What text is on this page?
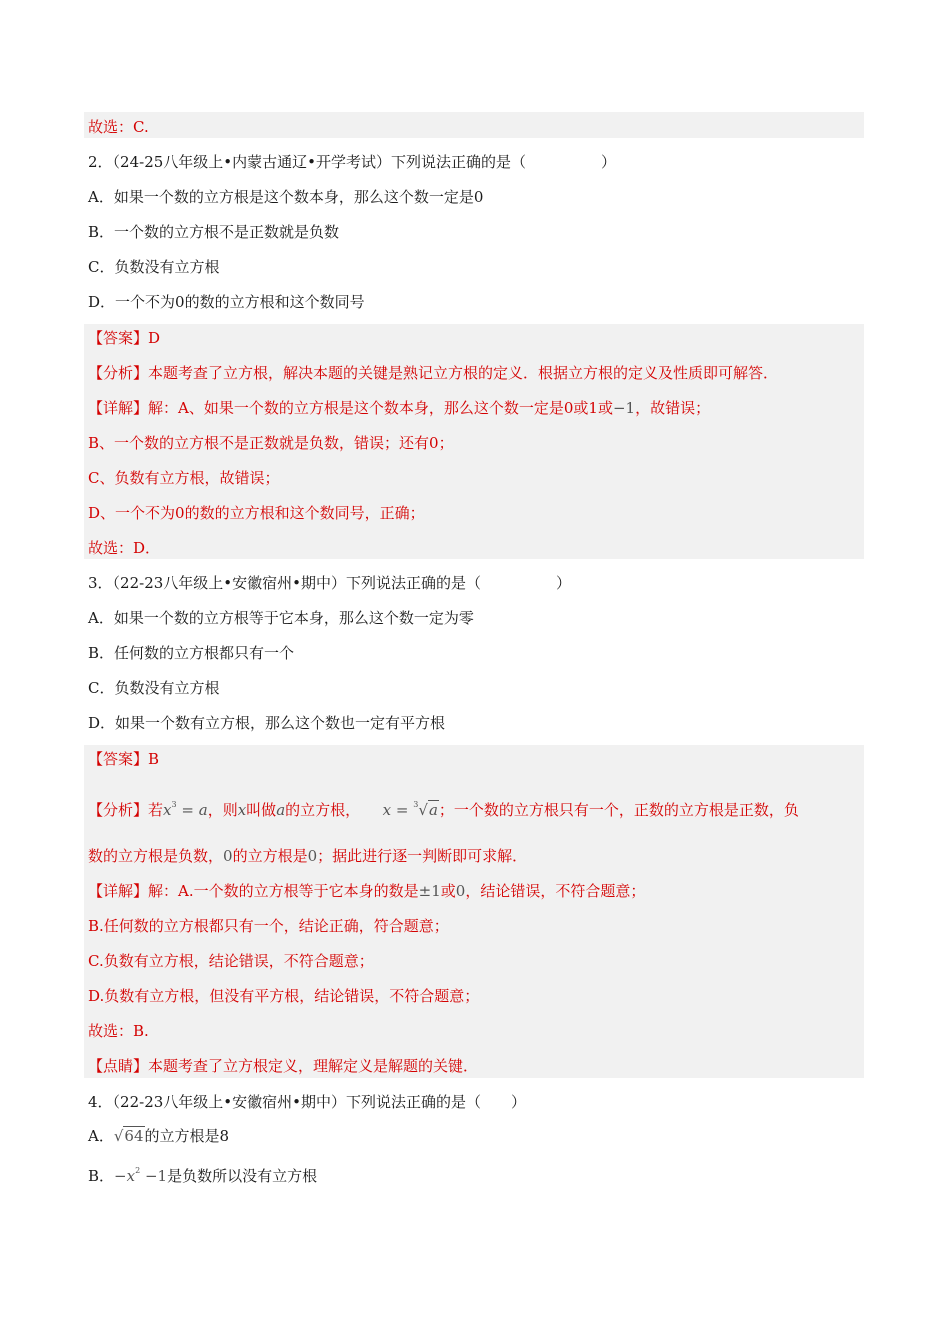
故选：C.
2．（24-25八年级上•内蒙古通辽•开学考试）下列说法正确的是（　　　　　）
A．如果一个数的立方根是这个数本身，那么这个数一定是0
B．一个数的立方根不是正数就是负数
C．负数没有立方根
D．一个不为0的数的立方根和这个数同号
【答案】D
【分析】本题考查了立方根，解决本题的关键是熟记立方根的定义．根据立方根的定义及性质即可解答．
【详解】解：A、如果一个数的立方根是这个数本身，那么这个数一定是0或1或−1，故错误；
B、一个数的立方根不是正数就是负数，错误；还有0；
C、负数有立方根，故错误；
D、一个不为0的数的立方根和这个数同号，正确；
故选：D．
3．（22-23八年级上•安徽宿州•期中）下列说法正确的是（　　　　　）
A．如果一个数的立方根等于它本身，那么这个数一定为零
B．任何数的立方根都只有一个
C．负数没有立方根
D．如果一个数有立方根，那么这个数也一定有平方根
【答案】B
【分析】若$x^3 = a$，则x叫做a的立方根，　　 x = $^3$√a；一个数的立方根只有一个，正数的立方根是正数，负
数的立方根是负数，0的立方根是0；据此进行逐一判断即可求解．
【详解】解：A.一个数的立方根等于它本身的数是±1或0，结论错误，不符合题意；
B.任何数的立方根都只有一个，结论正确，符合题意；
C.负数有立方根，结论错误，不符合题意；
D.负数有立方根，但没有平方根，结论错误，不符合题意；
故选：B.
【点睛】本题考查了立方根定义，理解定义是解题的关键．
4．（22-23八年级上•安徽宿州•期中）下列说法正确的是（　　）
A．√64的立方根是8
B．$-x^2 -1$是负数所以没有立方根
